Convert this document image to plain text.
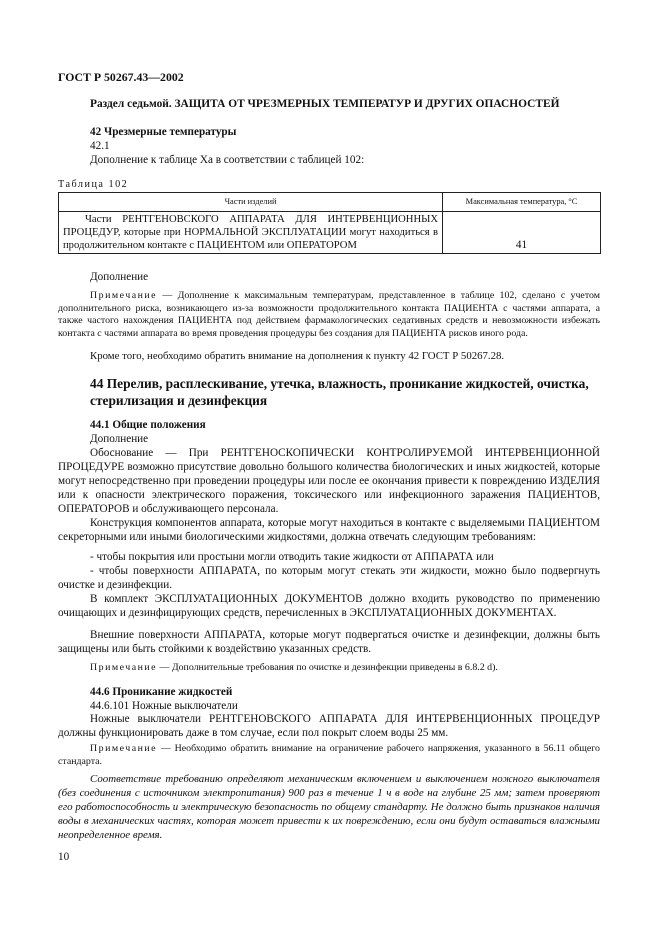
ГОСТ Р 50267.43—2002
Раздел седьмой. ЗАЩИТА ОТ ЧРЕЗМЕРНЫХ ТЕМПЕРАТУР И ДРУГИХ ОПАСНОСТЕЙ
42 Чрезмерные температуры
42.1
Дополнение к таблице Xa в соответствии с таблицей 102:
Таблица 102
Части изделий	Максимальная температура, °С
Части РЕНТГЕНОВСКОГО АППАРАТА ДЛЯ ИНТЕРВЕНЦИОННЫХ ПРОЦЕДУР, которые при НОРМАЛЬНОЙ ЭКСПЛУАТАЦИИ могут находиться в продолжительном контакте с ПАЦИЕНТОМ или ОПЕРАТОРОМ	41
Дополнение
Примечание — Дополнение к максимальным температурам, представленное в таблице 102, сделано с учетом дополнительного риска, возникающего из-за возможности продолжительного контакта ПАЦИЕНТА с частями аппарата, а также частого нахождения ПАЦИЕНТА под действием фармакологических седативных средств и невозможности избежать контакта с частями аппарата во время проведения процедуры без создания для ПАЦИЕНТА рисков иного рода.
Кроме того, необходимо обратить внимание на дополнения к пункту 42 ГОСТ Р 50267.28.
44 Перелив, расплескивание, утечка, влажность, проникание жидкостей, очистка, стерилизация и дезинфекция
44.1 Общие положения
Дополнение
Обоснование — При РЕНТГЕНОСКОПИЧЕСКИ КОНТРОЛИРУЕМОЙ ИНТЕРВЕНЦИОННОЙ ПРОЦЕДУРЕ возможно присутствие довольно большого количества биологических и иных жидкостей, которые могут непосредственно при проведении процедуры или после ее окончания привести к повреждению ИЗДЕЛИЯ или к опасности электрического поражения, токсического или инфекционного заражения ПАЦИЕНТОВ, ОПЕРАТОРОВ и обслуживающего персонала.
Конструкция компонентов аппарата, которые могут находиться в контакте с выделяемыми ПАЦИЕНТОМ секреторными или иными биологическими жидкостями, должна отвечать следующим требованиям:
- чтобы покрытия или простыни могли отводить такие жидкости от АППАРАТА или
- чтобы поверхности АППАРАТА, по которым могут стекать эти жидкости, можно было подвергнуть очистке и дезинфекции.
В комплект ЭКСПЛУАТАЦИОННЫХ ДОКУМЕНТОВ должно входить руководство по применению очищающих и дезинфицирующих средств, перечисленных в ЭКСПЛУАТАЦИОННЫХ ДОКУМЕНТАХ.
Внешние поверхности АППАРАТА, которые могут подвергаться очистке и дезинфекции, должны быть защищены или быть стойкими к воздействию указанных средств.
Примечание — Дополнительные требования по очистке и дезинфекции приведены в 6.8.2 d).
44.6 Проникание жидкостей
44.6.101 Ножные выключатели
Ножные выключатели РЕНТГЕНОВСКОГО АППАРАТА ДЛЯ ИНТЕРВЕНЦИОННЫХ ПРОЦЕДУР должны функционировать даже в том случае, если пол покрыт слоем воды 25 мм.
Примечание — Необходимо обратить внимание на ограничение рабочего напряжения, указанного в 56.11 общего стандарта.
Соответствие требованию определяют механическим включением и выключением ножного выключателя (без соединения с источником электропитания) 900 раз в течение 1 ч в воде на глубине 25 мм; затем проверяют его работоспособность и электрическую безопасность по общему стандарту. Не должно быть признаков наличия воды в механических частях, которая может привести к их повреждению, если они будут оставаться влажными неопределенное время.
10
